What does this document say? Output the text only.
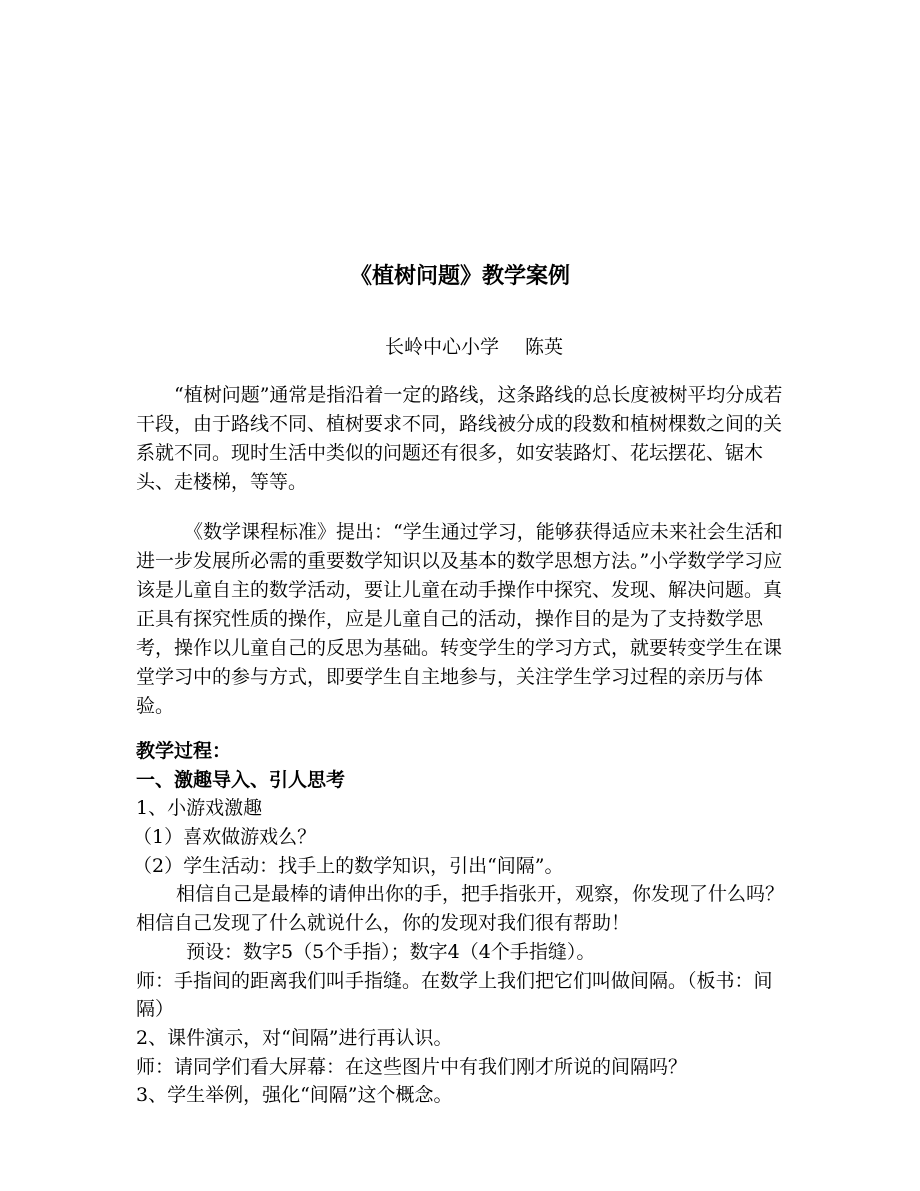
《植树问题》教学案例
长岭中心小学 陈英

“植树问题”通常是指沿着一定的路线，这条路线的总长度被树平均分成若干段，由于路线不同、植树要求不同，路线被分成的段数和植树棵数之间的关系就不同。现时生活中类似的问题还有很多，如安装路灯、花坛摆花、锯木头、走楼梯，等等。

《数学课程标准》提出：“学生通过学习，能够获得适应未来社会生活和进一步发展所必需的重要数学知识以及基本的数学思想方法。”小学数学学习应该是儿童自主的数学活动，要让儿童在动手操作中探究、发现、解决问题。真正具有探究性质的操作，应是儿童自己的活动，操作目的是为了支持数学思考，操作以儿童自己的反思为基础。转变学生的学习方式，就要转变学生在课堂学习中的参与方式，即要学生自主地参与，关注学生学习过程的亲历与体验。

教学过程：
一、激趣导入、引人思考
1、小游戏激趣
（1）喜欢做游戏么？
（2）学生活动：找手上的数学知识，引出“间隔”。
相信自己是最棒的请伸出你的手，把手指张开，观察，你发现了什么吗？相信自己发现了什么就说什么，你的发现对我们很有帮助！
预设：数字5（5个手指）；数字4（4个手指缝）。
师：手指间的距离我们叫手指缝。在数学上我们把它们叫做间隔。（板书：间隔）
2、课件演示，对“间隔”进行再认识。
师：请同学们看大屏幕：在这些图片中有我们刚才所说的间隔吗？
3、学生举例，强化“间隔”这个概念。
